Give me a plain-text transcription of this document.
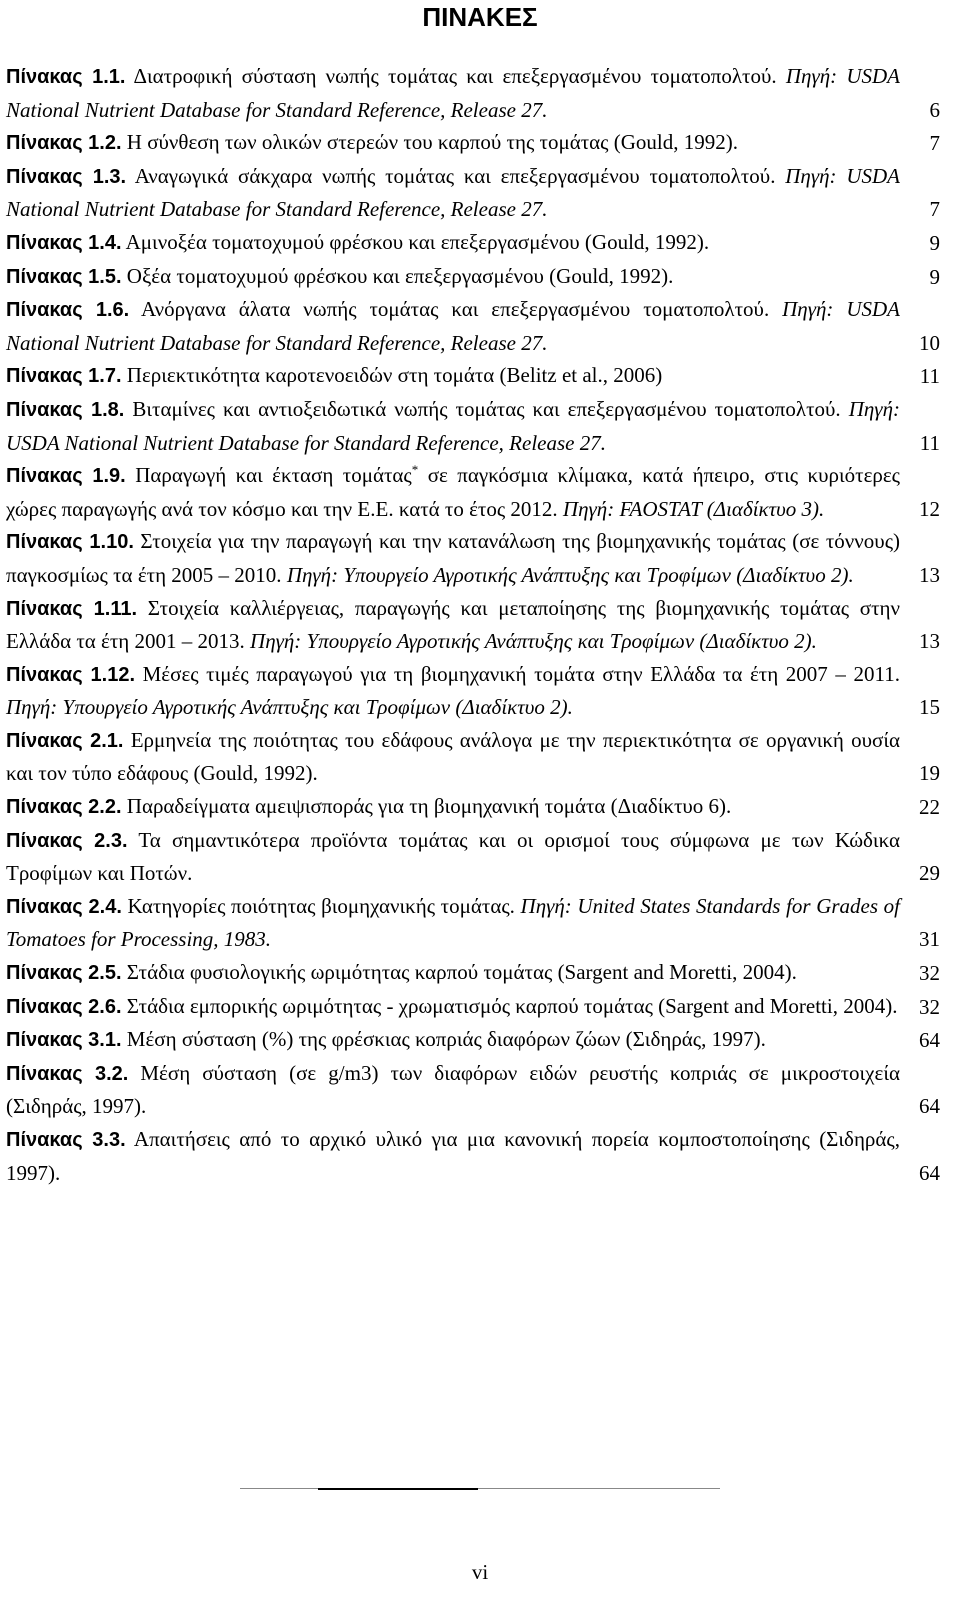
ΠΙΝΑΚΕΣ
Πίνακας 1.1. Διατροφική σύσταση νωπής τομάτας και επεξεργασμένου τοματοπολτού. Πηγή: USDA National Nutrient Database for Standard Reference, Release 27.	6
Πίνακας 1.2. Η σύνθεση των ολικών στερεών του καρπού της τομάτας (Gould, 1992).	7
Πίνακας 1.3. Αναγωγικά σάκχαρα νωπής τομάτας και επεξεργασμένου τοματοπολτού. Πηγή: USDA National Nutrient Database for Standard Reference, Release 27.	7
Πίνακας 1.4. Αμινοξέα τοματοχυμού φρέσκου και επεξεργασμένου (Gould, 1992).	9
Πίνακας 1.5. Οξέα τοματοχυμού φρέσκου και επεξεργασμένου (Gould, 1992).	9
Πίνακας 1.6. Ανόργανα άλατα νωπής τομάτας και επεξεργασμένου τοματοπολτού. Πηγή: USDA National Nutrient Database for Standard Reference, Release 27.	10
Πίνακας 1.7. Περιεκτικότητα καροτενοειδών στη τομάτα (Belitz et al., 2006)	11
Πίνακας 1.8. Βιταμίνες και αντιοξειδωτικά νωπής τομάτας και επεξεργασμένου τοματοπολτού. Πηγή: USDA National Nutrient Database for Standard Reference, Release 27.	11
Πίνακας 1.9. Παραγωγή και έκταση τομάτας* σε παγκόσμια κλίμακα, κατά ήπειρο, στις κυριότερες χώρες παραγωγής ανά τον κόσμο και την Ε.Ε. κατά το έτος 2012. Πηγή: FAOSTAT (Διαδίκτυο 3).	12
Πίνακας 1.10. Στοιχεία για την παραγωγή και την κατανάλωση της βιομηχανικής τομάτας (σε τόννους) παγκοσμίως τα έτη 2005 – 2010. Πηγή: Υπουργείο Αγροτικής Ανάπτυξης και Τροφίμων (Διαδίκτυο 2).	13
Πίνακας 1.11. Στοιχεία καλλιέργειας, παραγωγής και μεταποίησης της βιομηχανικής τομάτας στην Ελλάδα τα έτη 2001 – 2013. Πηγή: Υπουργείο Αγροτικής Ανάπτυξης και Τροφίμων (Διαδίκτυο 2).	13
Πίνακας 1.12. Μέσες τιμές παραγωγού για τη βιομηχανική τομάτα στην Ελλάδα τα έτη 2007 – 2011. Πηγή: Υπουργείο Αγροτικής Ανάπτυξης και Τροφίμων (Διαδίκτυο 2).	15
Πίνακας 2.1. Ερμηνεία της ποιότητας του εδάφους ανάλογα με την περιεκτικότητα σε οργανική ουσία και τον τύπο εδάφους (Gould, 1992).	19
Πίνακας 2.2. Παραδείγματα αμειψισποράς για τη βιομηχανική τομάτα (Διαδίκτυο 6).	22
Πίνακας 2.3. Τα σημαντικότερα προϊόντα τομάτας και οι ορισμοί τους σύμφωνα με των Κώδικα Τροφίμων και Ποτών.	29
Πίνακας 2.4. Κατηγορίες ποιότητας βιομηχανικής τομάτας. Πηγή: United States Standards for Grades of Tomatoes for Processing, 1983.	31
Πίνακας 2.5. Στάδια φυσιολογικής ωριμότητας καρπού τομάτας (Sargent and Moretti, 2004).	32
Πίνακας 2.6. Στάδια εμπορικής ωριμότητας - χρωματισμός καρπού τομάτας (Sargent and Moretti, 2004). 32
Πίνακας 3.1. Μέση σύσταση (%) της φρέσκιας κοπριάς διαφόρων ζώων (Σιδηράς, 1997).	64
Πίνακας 3.2. Μέση σύσταση (σε g/m3) των διαφόρων ειδών ρευστής κοπριάς σε μικροστοιχεία (Σιδηράς, 1997).	64
Πίνακας 3.3. Απαιτήσεις από το αρχικό υλικό για μια κανονική πορεία κομποστοποίησης (Σιδηράς, 1997).	64
vi
